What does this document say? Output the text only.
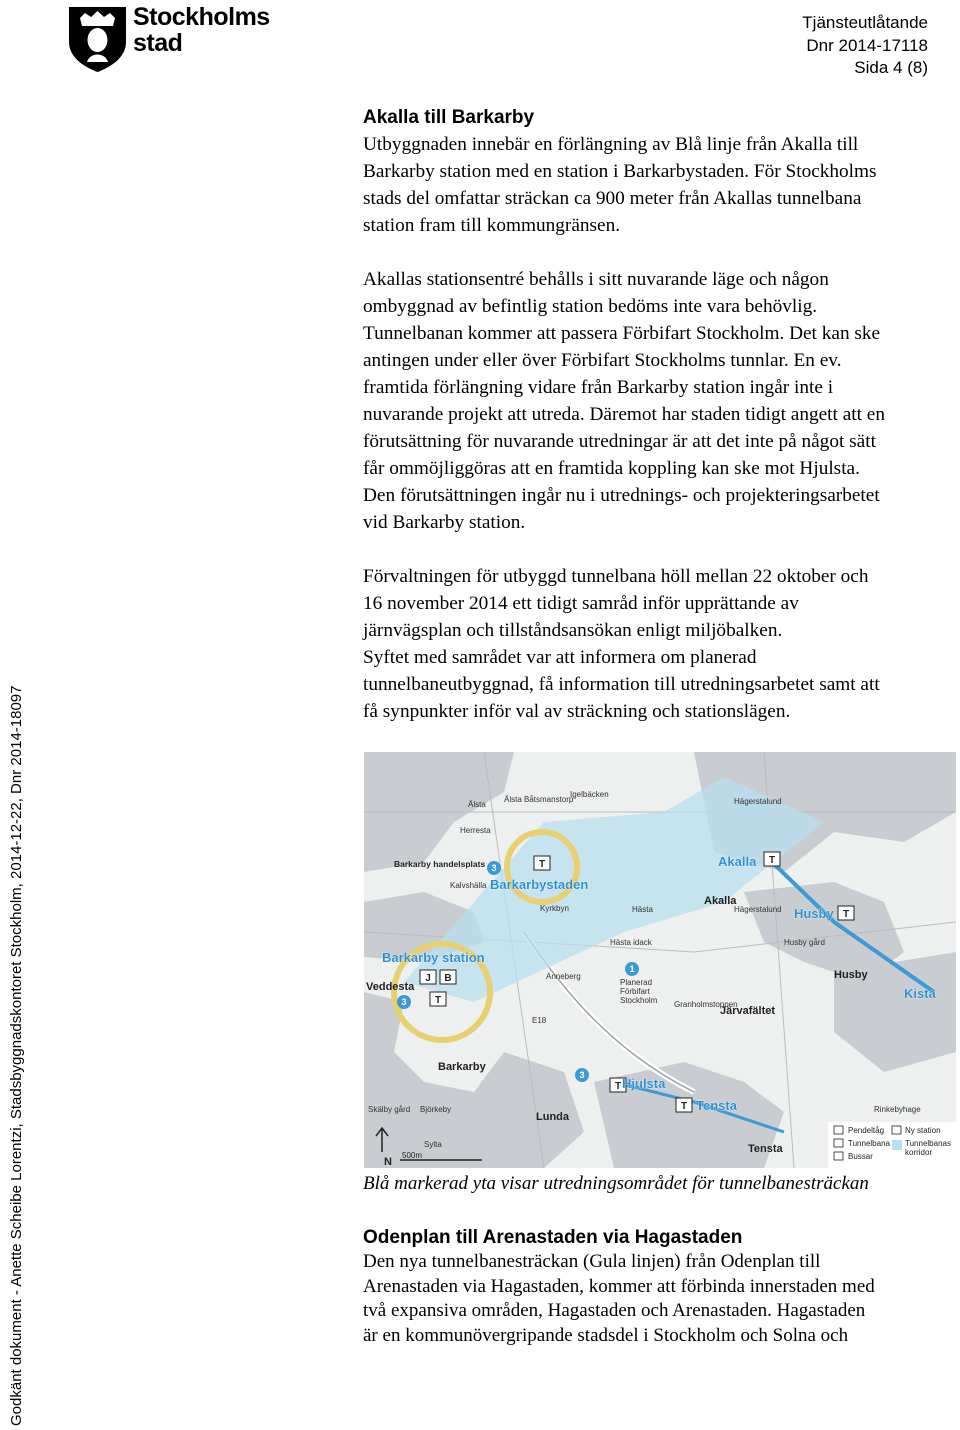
Stockholms
stad
Tjänsteutlåtande
Dnr 2014-17118
Sida 4 (8)
Godkänt dokument - Anette Scheibe Lorentzi, Stadsbyggnadskontoret Stockholm, 2014-12-22, Dnr 2014-18097
Akalla till Barkarby
Utbyggnaden innebär en förlängning av Blå linje från Akalla till
Barkarby station med en station i Barkarbystaden. För Stockholms
stads del omfattar sträckan ca 900 meter från Akallas tunnelbana
station fram till kommungränsen.
Akallas stationsentré behålls i sitt nuvarande läge och någon
ombyggnad av befintlig station bedöms inte vara behövlig.
Tunnelbanan kommer att passera Förbifart Stockholm. Det kan ske
antingen under eller över Förbifart Stockholms tunnlar. En ev.
framtida förlängning vidare från Barkarby station ingår inte i
nuvarande projekt att utreda. Däremot har staden tidigt angett att en
förutsättning för nuvarande utredningar är att det inte på något sätt
får ommöjliggöras att en framtida koppling kan ske mot Hjulsta.
Den förutsättningen ingår nu i utrednings- och projekteringsarbetet
vid Barkarby station.
Förvaltningen för utbyggd tunnelbana höll mellan 22 oktober och
16 november 2014 ett tidigt samråd inför upprättande av
järnvägsplan och tillståndsansökan enligt miljöbalken.
Syftet med samrådet var att informera om planerad
tunnelbaneutbyggnad, få information till utredningsarbetet samt att
få synpunkter inför val av sträckning och stationslägen.
3
3
3
1
T	T
T
J B
T
T
T
Älsta
Älsta Båtsmanstorp
Igelbäcken
Herresta
Kalvshälla
Kyrkbyn	Hästa
Hästa idack	Husby gård
Anneberg
Planerad
Förbifart
Stockholm Granholmstoppen
E18
Björkeby
Skälby gård
Sylta
Hägerstalund
Hägerstalund
Rinkebyhage
Barkarby handelsplats
Akalla
Husby
Veddesta
Järvafältet
Barkarby
Lunda
Tensta
Barkarbystaden
Akalla
Husby
Barkarby station
Kista
Hjulsta
Tensta
N
500m
Pendeltåg
Tunnelbana
Bussar
Ny station
Tunnelbanas
korridor
Blå markerad yta visar utredningsområdet för tunnelbanesträckan
Odenplan till Arenastaden via Hagastaden
Den nya tunnelbanesträckan (Gula linjen) från Odenplan till
Arenastaden via Hagastaden, kommer att förbinda innerstaden med
två expansiva områden, Hagastaden och Arenastaden. Hagastaden
är en kommunövergripande stadsdel i Stockholm och Solna och
